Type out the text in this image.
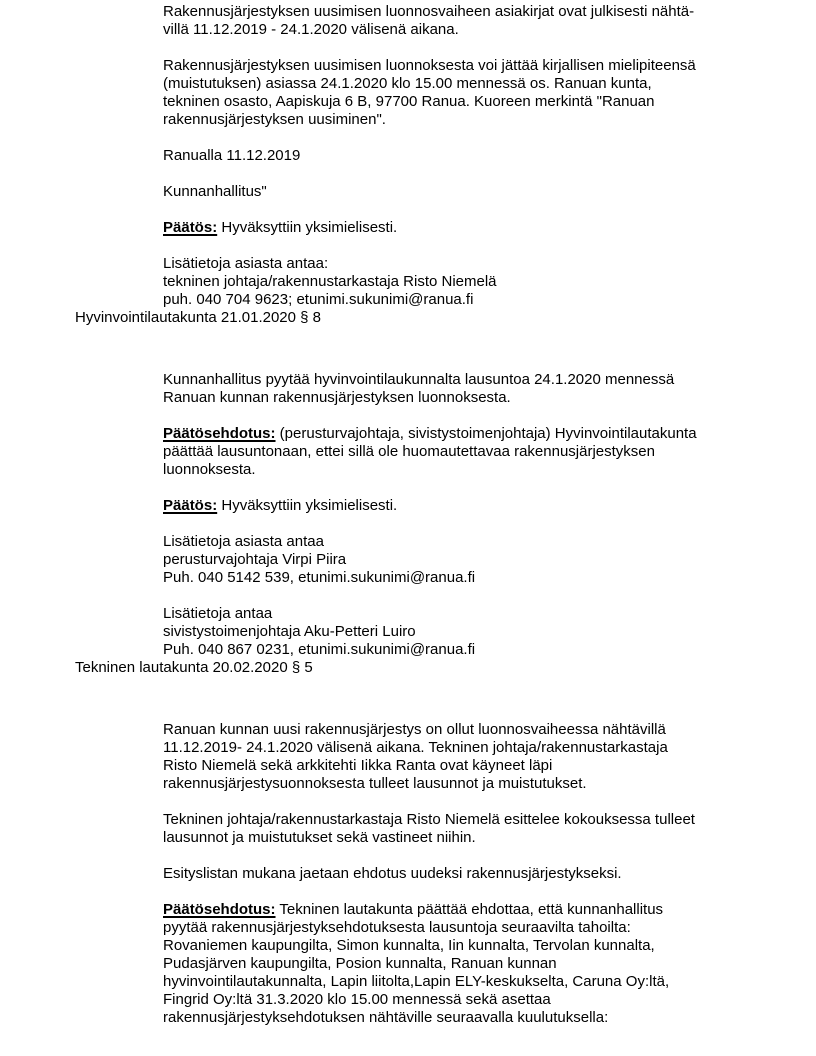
Rakennusjärjestyksen uusimisen luonnosvaiheen asiakirjat ovat julkisesti nähtä-
villä 11.12.2019 - 24.1.2020 välisenä aikana.
Rakennusjärjestyksen uusimisen luonnoksesta voi jättää kirjallisen mielipiteensä
(muistutuksen) asiassa 24.1.2020 klo 15.00 mennessä os. Ranuan kunta,
tekninen osasto, Aapiskuja 6 B, 97700 Ranua. Kuoreen merkintä "Ranuan
rakennusjärjestyksen uusiminen".
Ranualla 11.12.2019
Kunnanhallitus"
Päätös: Hyväksyttiin yksimielisesti.
Lisätietoja asiasta antaa:
tekninen johtaja/rakennustarkastaja Risto Niemelä
puh. 040 704 9623; etunimi.sukunimi@ranua.fi
Hyvinvointilautakunta 21.01.2020 § 8
Kunnanhallitus pyytää hyvinvointilaukunnalta lausuntoa 24.1.2020 mennessä
Ranuan kunnan rakennusjärjestyksen luonnoksesta.
Päätösehdotus: (perusturvajohtaja, sivistystoimenjohtaja) Hyvinvointilautakunta
päättää lausuntonaan, ettei sillä ole huomautettavaa rakennusjärjestyksen
luonnoksesta.
Päätös: Hyväksyttiin yksimielisesti.
Lisätietoja asiasta antaa
perusturvajohtaja Virpi Piira
Puh. 040 5142 539, etunimi.sukunimi@ranua.fi
Lisätietoja antaa
sivistystoimenjohtaja Aku-Petteri Luiro
Puh. 040 867 0231, etunimi.sukunimi@ranua.fi
Tekninen lautakunta 20.02.2020 § 5
Ranuan kunnan uusi rakennusjärjestys on ollut luonnosvaiheessa nähtävillä
11.12.2019- 24.1.2020 välisenä aikana. Tekninen johtaja/rakennustarkastaja
Risto Niemelä sekä arkkitehti Iikka Ranta ovat käyneet läpi
rakennusjärjestysuonnoksesta tulleet lausunnot ja muistutukset.
Tekninen johtaja/rakennustarkastaja Risto Niemelä esittelee kokouksessa tulleet
lausunnot ja muistutukset sekä vastineet niihin.
Esityslistan mukana jaetaan ehdotus uudeksi rakennusjärjestykseksi.
Päätösehdotus: Tekninen lautakunta päättää ehdottaa, että kunnanhallitus
pyytää rakennusjärjestyksehdotuksesta lausuntoja seuraavilta tahoilta:
Rovaniemen kaupungilta, Simon kunnalta, Iin kunnalta, Tervolan kunnalta,
Pudasjärven kaupungilta, Posion kunnalta, Ranuan kunnan
hyvinvointilautakunnalta, Lapin liitolta,Lapin ELY-keskukselta, Caruna Oy:ltä,
Fingrid Oy:ltä 31.3.2020 klo 15.00 mennessä sekä asettaa
rakennusjärjestyksehdotuksen nähtäville seuraavalla kuulutuksella:
